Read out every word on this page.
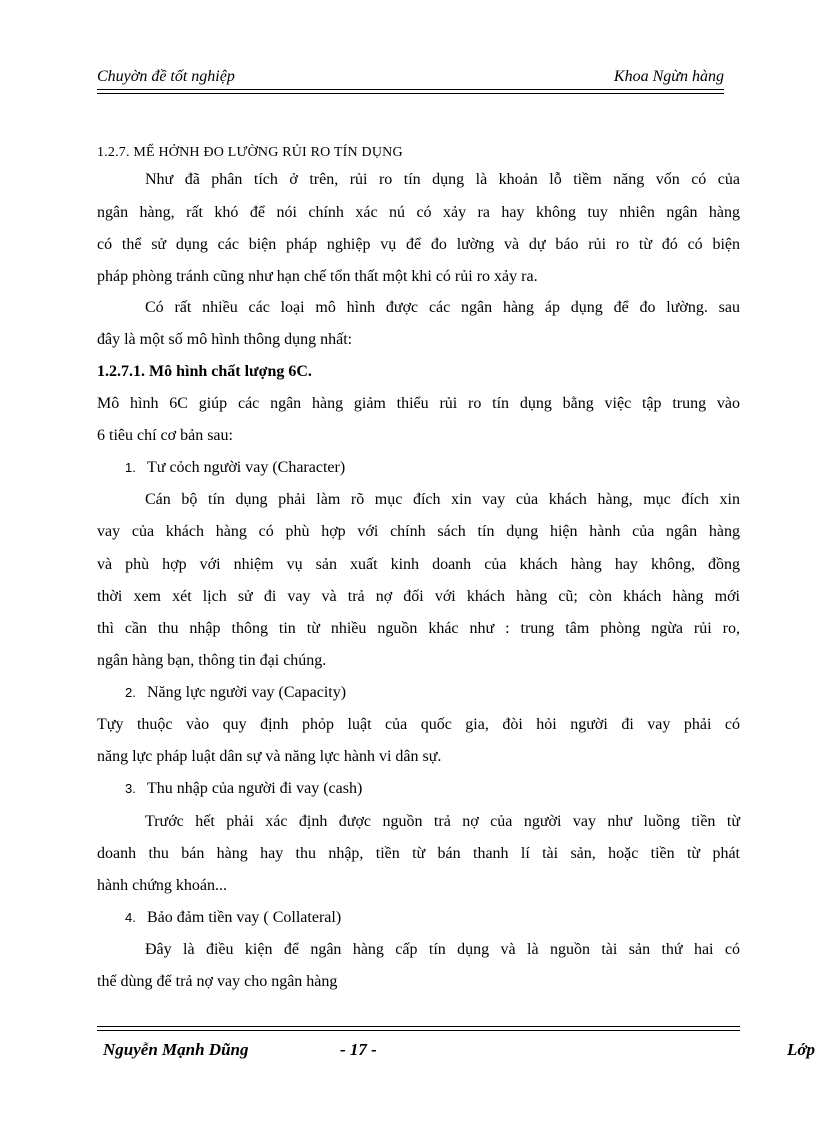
Chuyờn đề tốt nghiệp	Khoa Ngừn hàng
1.2.7. MỂ HỞNH ĐO LƯỜNG RỦI RO TÍN DỤNG
Như đã phân tích ở trên, rủi ro tín dụng là khoản lỗ tiềm năng vốn có của
ngân hàng, rất khó để nói chính xác nú có xảy ra hay không tuy nhiên ngân hàng
có thể sử dụng các biện pháp nghiệp vụ để đo lường và dự báo rủi ro từ đó có biện
pháp phòng tránh cũng như hạn chế tổn thất một khi có rủi ro xảy ra.
Có rất nhiều các loại mô hình được các ngân hàng áp dụng để đo lường. sau
đây là một số mô hình thông dụng nhất:
1.2.7.1. Mô hình chất lượng 6C.
Mô hình 6C giúp các ngân hàng giảm thiểu rủi ro tín dụng bằng việc tập trung vào
6 tiêu chí cơ bản sau:
1. Tư cỏch người vay (Character)
Cán bộ tín dụng phải làm rõ mục đích xin vay của khách hàng, mục đích xin
vay của khách hàng có phù hợp với chính sách tín dụng hiện hành của ngân hàng
và phù hợp với nhiệm vụ sản xuất kinh doanh của khách hàng hay không, đồng
thời xem xét lịch sử đi vay và trả nợ đối với khách hàng cũ; còn khách hàng mới
thì cần thu nhập thông tin từ nhiều nguồn khác như : trung tâm phòng ngừa rủi ro,
ngân hàng bạn, thông tin đại chúng.
2. Năng lực người vay (Capacity)
Tựy thuộc vào quy định phỏp luật của quốc gia, đòi hỏi người đi vay phải có
năng lực pháp luật dân sự và năng lực hành vi dân sự.
3. Thu nhập của người đi vay (cash)
Trước hết phải xác định được nguồn trả nợ của người vay như luồng tiền từ
doanh thu bán hàng hay thu nhập, tiền từ bán thanh lí tài sản, hoặc tiền từ phát
hành chứng khoán...
4. Bảo đảm tiền vay ( Collateral)
Đây là điều kiện để ngân hàng cấp tín dụng và là nguồn tài sản thứ hai có
thể dùng để trả nợ vay cho ngân hàng
Nguyễn Mạnh Dũng	- 17 -	Lớp
